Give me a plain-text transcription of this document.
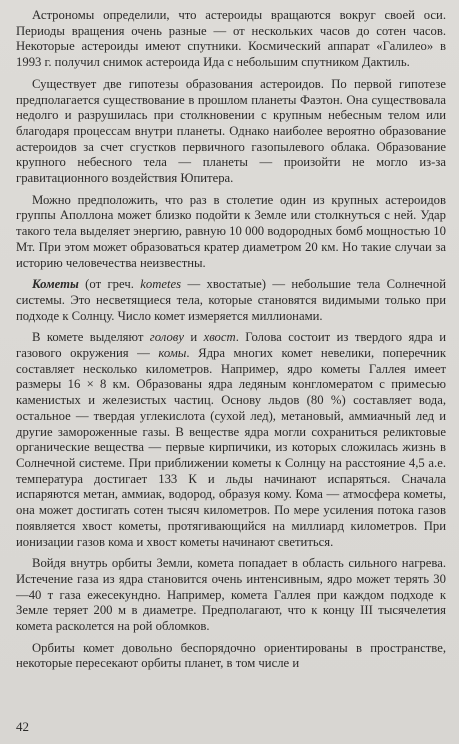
Астрономы определили, что астероиды вращаются вокруг своей оси. Периоды вращения очень разные — от нескольких часов до сотен часов. Некоторые астероиды имеют спутники. Космический аппарат «Галилео» в 1993 г. получил снимок астероида Ида с небольшим спутником Дактиль.

Существует две гипотезы образования астероидов. По первой гипотезе предполагается существование в прошлом планеты Фаэтон. Она существовала недолго и разрушилась при столкновении с крупным небесным телом или благодаря процессам внутри планеты. Однако наиболее вероятно образование астероидов за счет сгустков первичного газопылевого облака. Образование крупного небесного тела — планеты — произойти не могло из-за гравитационного воздействия Юпитера.

Можно предположить, что раз в столетие один из крупных астероидов группы Аполлона может близко подойти к Земле или столкнуться с ней. Удар такого тела выделяет энергию, равную 10 000 водородных бомб мощностью 10 Мт. При этом может образоваться кратер диаметром 20 км. Но такие случаи за историю человечества неизвестны.

Кометы (от греч. kometes — хвостатые) — небольшие тела Солнечной системы. Это несветящиеся тела, которые становятся видимыми только при подходе к Солнцу. Число комет измеряется миллионами.

В комете выделяют голову и хвост. Голова состоит из твердого ядра и газового окружения — комы. Ядра многих комет невелики, поперечник составляет несколько километров. Например, ядро кометы Галлея имеет размеры 16 × 8 км. Образованы ядра ледяным конгломератом с примесью каменистых и железистых частиц. Основу льдов (80 %) составляет вода, остальное — твердая углекислота (сухой лед), метановый, аммиачный лед и другие замороженные газы. В веществе ядра могли сохраниться реликтовые органические вещества — первые кирпичики, из которых сложилась жизнь в Солнечной системе. При приближении кометы к Солнцу на расстояние 4,5 а.е. температура достигает 133 К и льды начинают испаряться. Сначала испаряются метан, аммиак, водород, образуя кому. Кома — атмосфера кометы, она может достигать сотен тысяч километров. По мере усиления потока газов появляется хвост кометы, протягивающийся на миллиард километров. При ионизации газов кома и хвост кометы начинают светиться.

Войдя внутрь орбиты Земли, комета попадает в область сильного нагрева. Истечение газа из ядра становится очень интенсивным, ядро может терять 30—40 т газа ежесекундно. Например, комета Галлея при каждом подходе к Земле теряет 200 м в диаметре. Предполагают, что к концу III тысячелетия комета расколется на рой обломков.

Орбиты комет довольно беспорядочно ориентированы в пространстве, некоторые пересекают орбиты планет, в том числе и

42
